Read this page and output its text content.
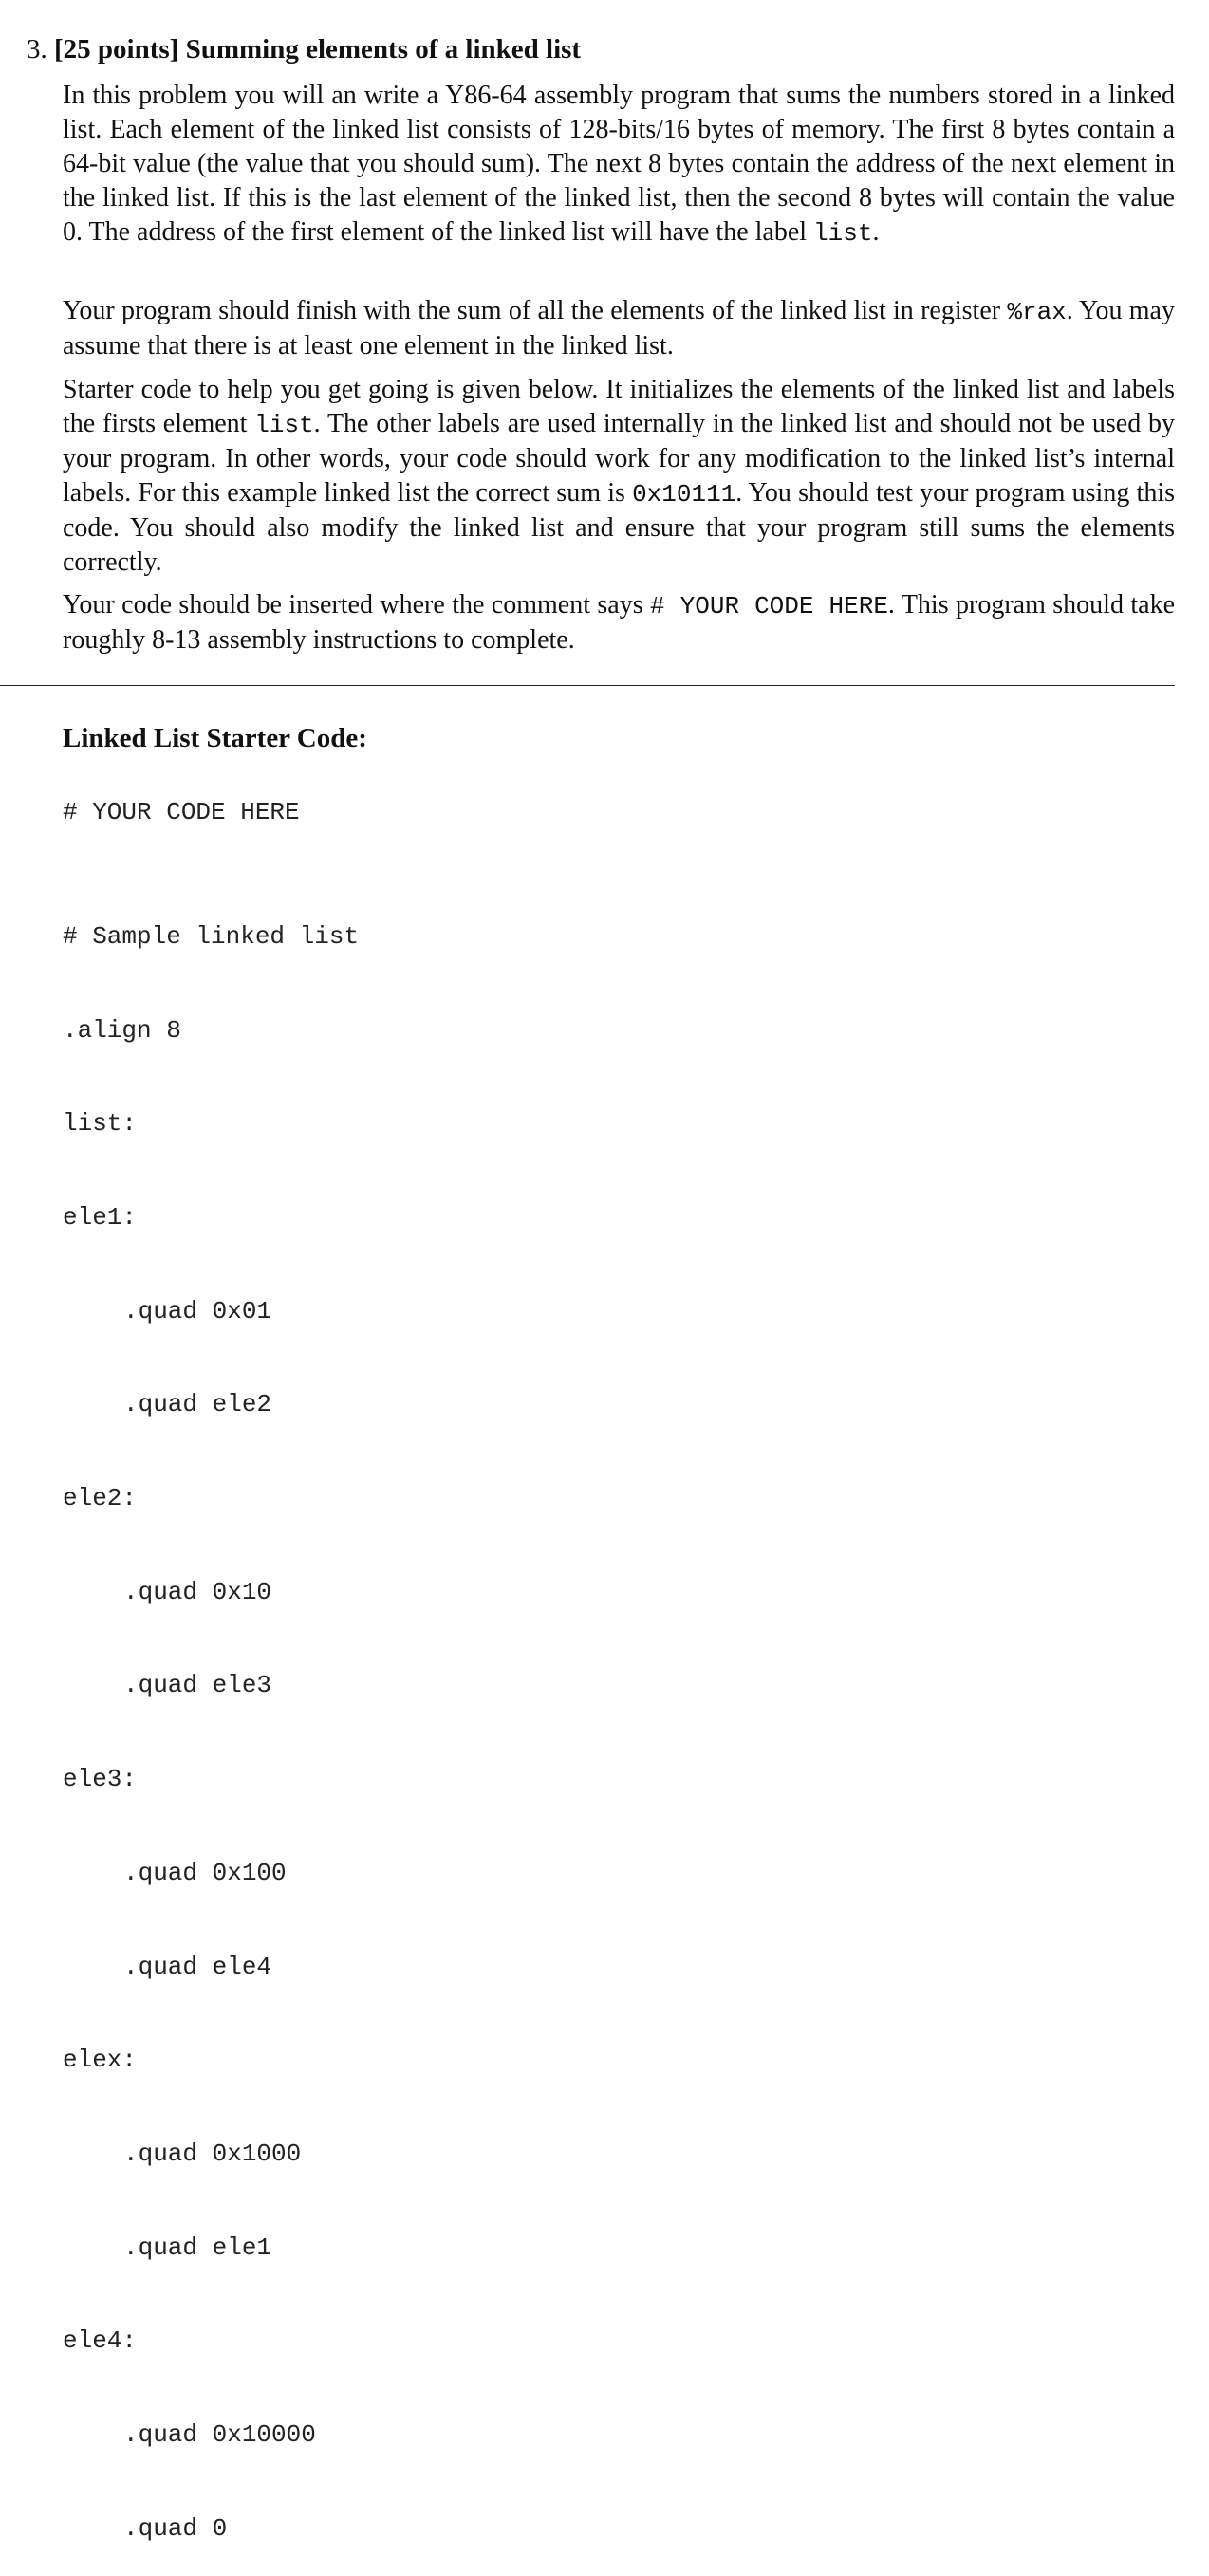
3. [25 points] Summing elements of a linked list

In this problem you will an write a Y86-64 assembly program that sums the numbers stored in a linked list. Each element of the linked list consists of 128-bits/16 bytes of memory. The first 8 bytes contain a 64-bit value (the value that you should sum). The next 8 bytes contain the address of the next element in the linked list. If this is the last element of the linked list, then the second 8 bytes will contain the value 0. The address of the first element of the linked list will have the label list.

Your program should finish with the sum of all the elements of the linked list in register %rax. You may assume that there is at least one element in the linked list.

Starter code to help you get going is given below. It initializes the elements of the linked list and labels the firsts element list. The other labels are used internally in the linked list and should not be used by your program. In other words, your code should work for any modification to the linked list’s internal labels. For this example linked list the correct sum is 0x10111. You should test your program using this code. You should also modify the linked list and ensure that your program still sums the elements correctly.

Your code should be inserted where the comment says # YOUR CODE HERE. This program should take roughly 8-13 assembly instructions to complete.

Linked List Starter Code:
# YOUR CODE HERE

# Sample linked list

.align 8

list:

ele1:

.quad 0x01

.quad ele2

ele2:

.quad 0x10

.quad ele3

ele3:

.quad 0x100

.quad ele4

elex:

.quad 0x1000

.quad ele1

ele4:

.quad 0x10000

.quad 0
